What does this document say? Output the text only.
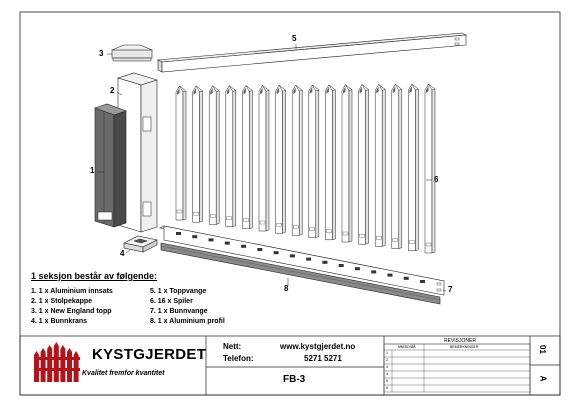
3
2
1
4
5
6
7
8
1 seksjon består av følgende:
1. 1 x Aluminium innsats
2. 1 x Stolpekappe
3. 1 x New England topp
4. 1 x Bunnkrans
5. 1 x Toppvange
6. 16 x Spiler
7. 1 x Bunnvange
8. 1 x Aluminium profil
KYSTGJERDET
Kvalitet fremfor kvantitet
Nett:	www.kystgjerdet.no
Telefon:	5271 5271
FB-3
REVISJONER
MM/DD/ÅÅ	BEMERKNINGER
1
2
3
4
5
6
01
A
